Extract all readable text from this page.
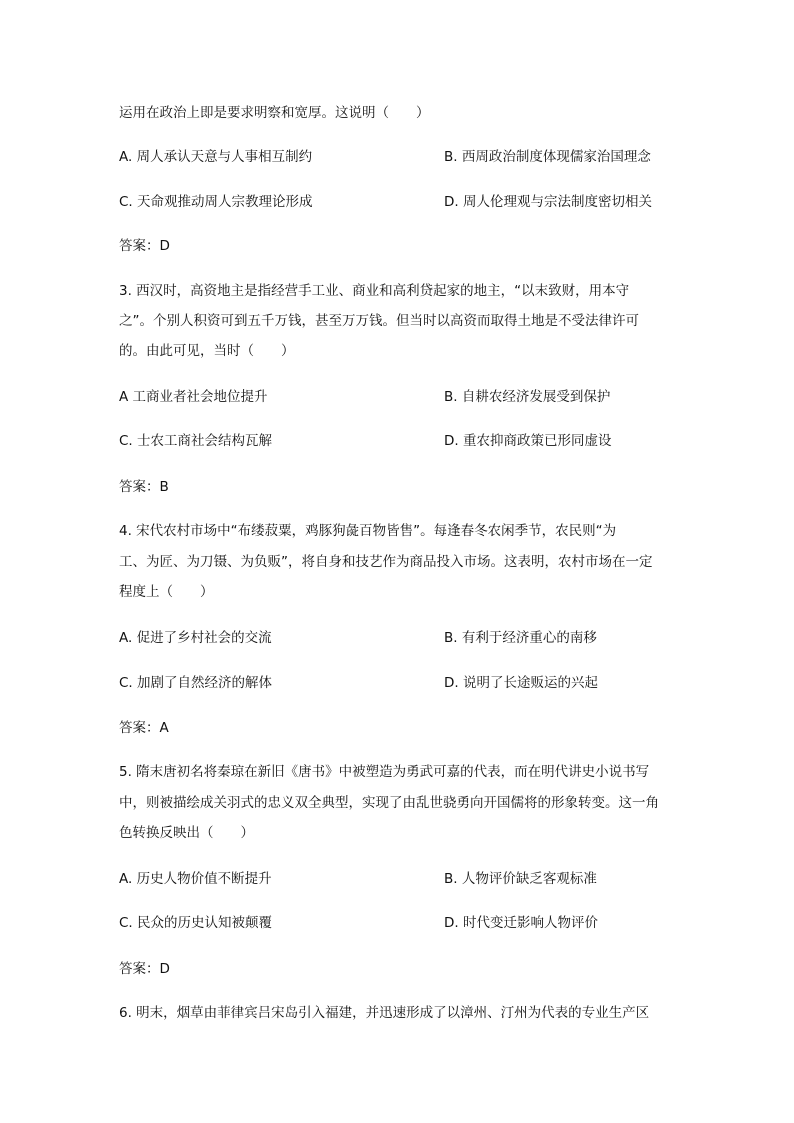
运用在政治上即是要求明察和宽厚。这说明（　　）
A. 周人承认天意与人事相互制约	B. 西周政治制度体现儒家治国理念
C. 天命观推动周人宗教理论形成	D. 周人伦理观与宗法制度密切相关
答案：D
3. 西汉时，高资地主是指经营手工业、商业和高利贷起家的地主，“以末致财，用本守
之”。个别人积资可到五千万钱，甚至万万钱。但当时以高资而取得土地是不受法律许可
的。由此可见，当时（　　）
A 工商业者社会地位提升	B. 自耕农经济发展受到保护
C. 士农工商社会结构瓦解	D. 重农抑商政策已形同虚设
答案：B
4. 宋代农村市场中“布缕菽粟，鸡豚狗彘百物皆售”。每逢春冬农闲季节，农民则“为
工、为匠、为刀镊、为负贩”，将自身和技艺作为商品投入市场。这表明，农村市场在一定
程度上（　　）
A. 促进了乡村社会的交流	B. 有利于经济重心的南移
C. 加剧了自然经济的解体	D. 说明了长途贩运的兴起
答案：A
5. 隋末唐初名将秦琼在新旧《唐书》中被塑造为勇武可嘉的代表，而在明代讲史小说书写
中，则被描绘成关羽式的忠义双全典型，实现了由乱世骁勇向开国儒将的形象转变。这一角
色转换反映出（　　）
A. 历史人物价值不断提升	B. 人物评价缺乏客观标准
C. 民众的历史认知被颠覆	D. 时代变迁影响人物评价
答案：D
6. 明末，烟草由菲律宾吕宋岛引入福建，并迅速形成了以漳州、汀州为代表的专业生产区
